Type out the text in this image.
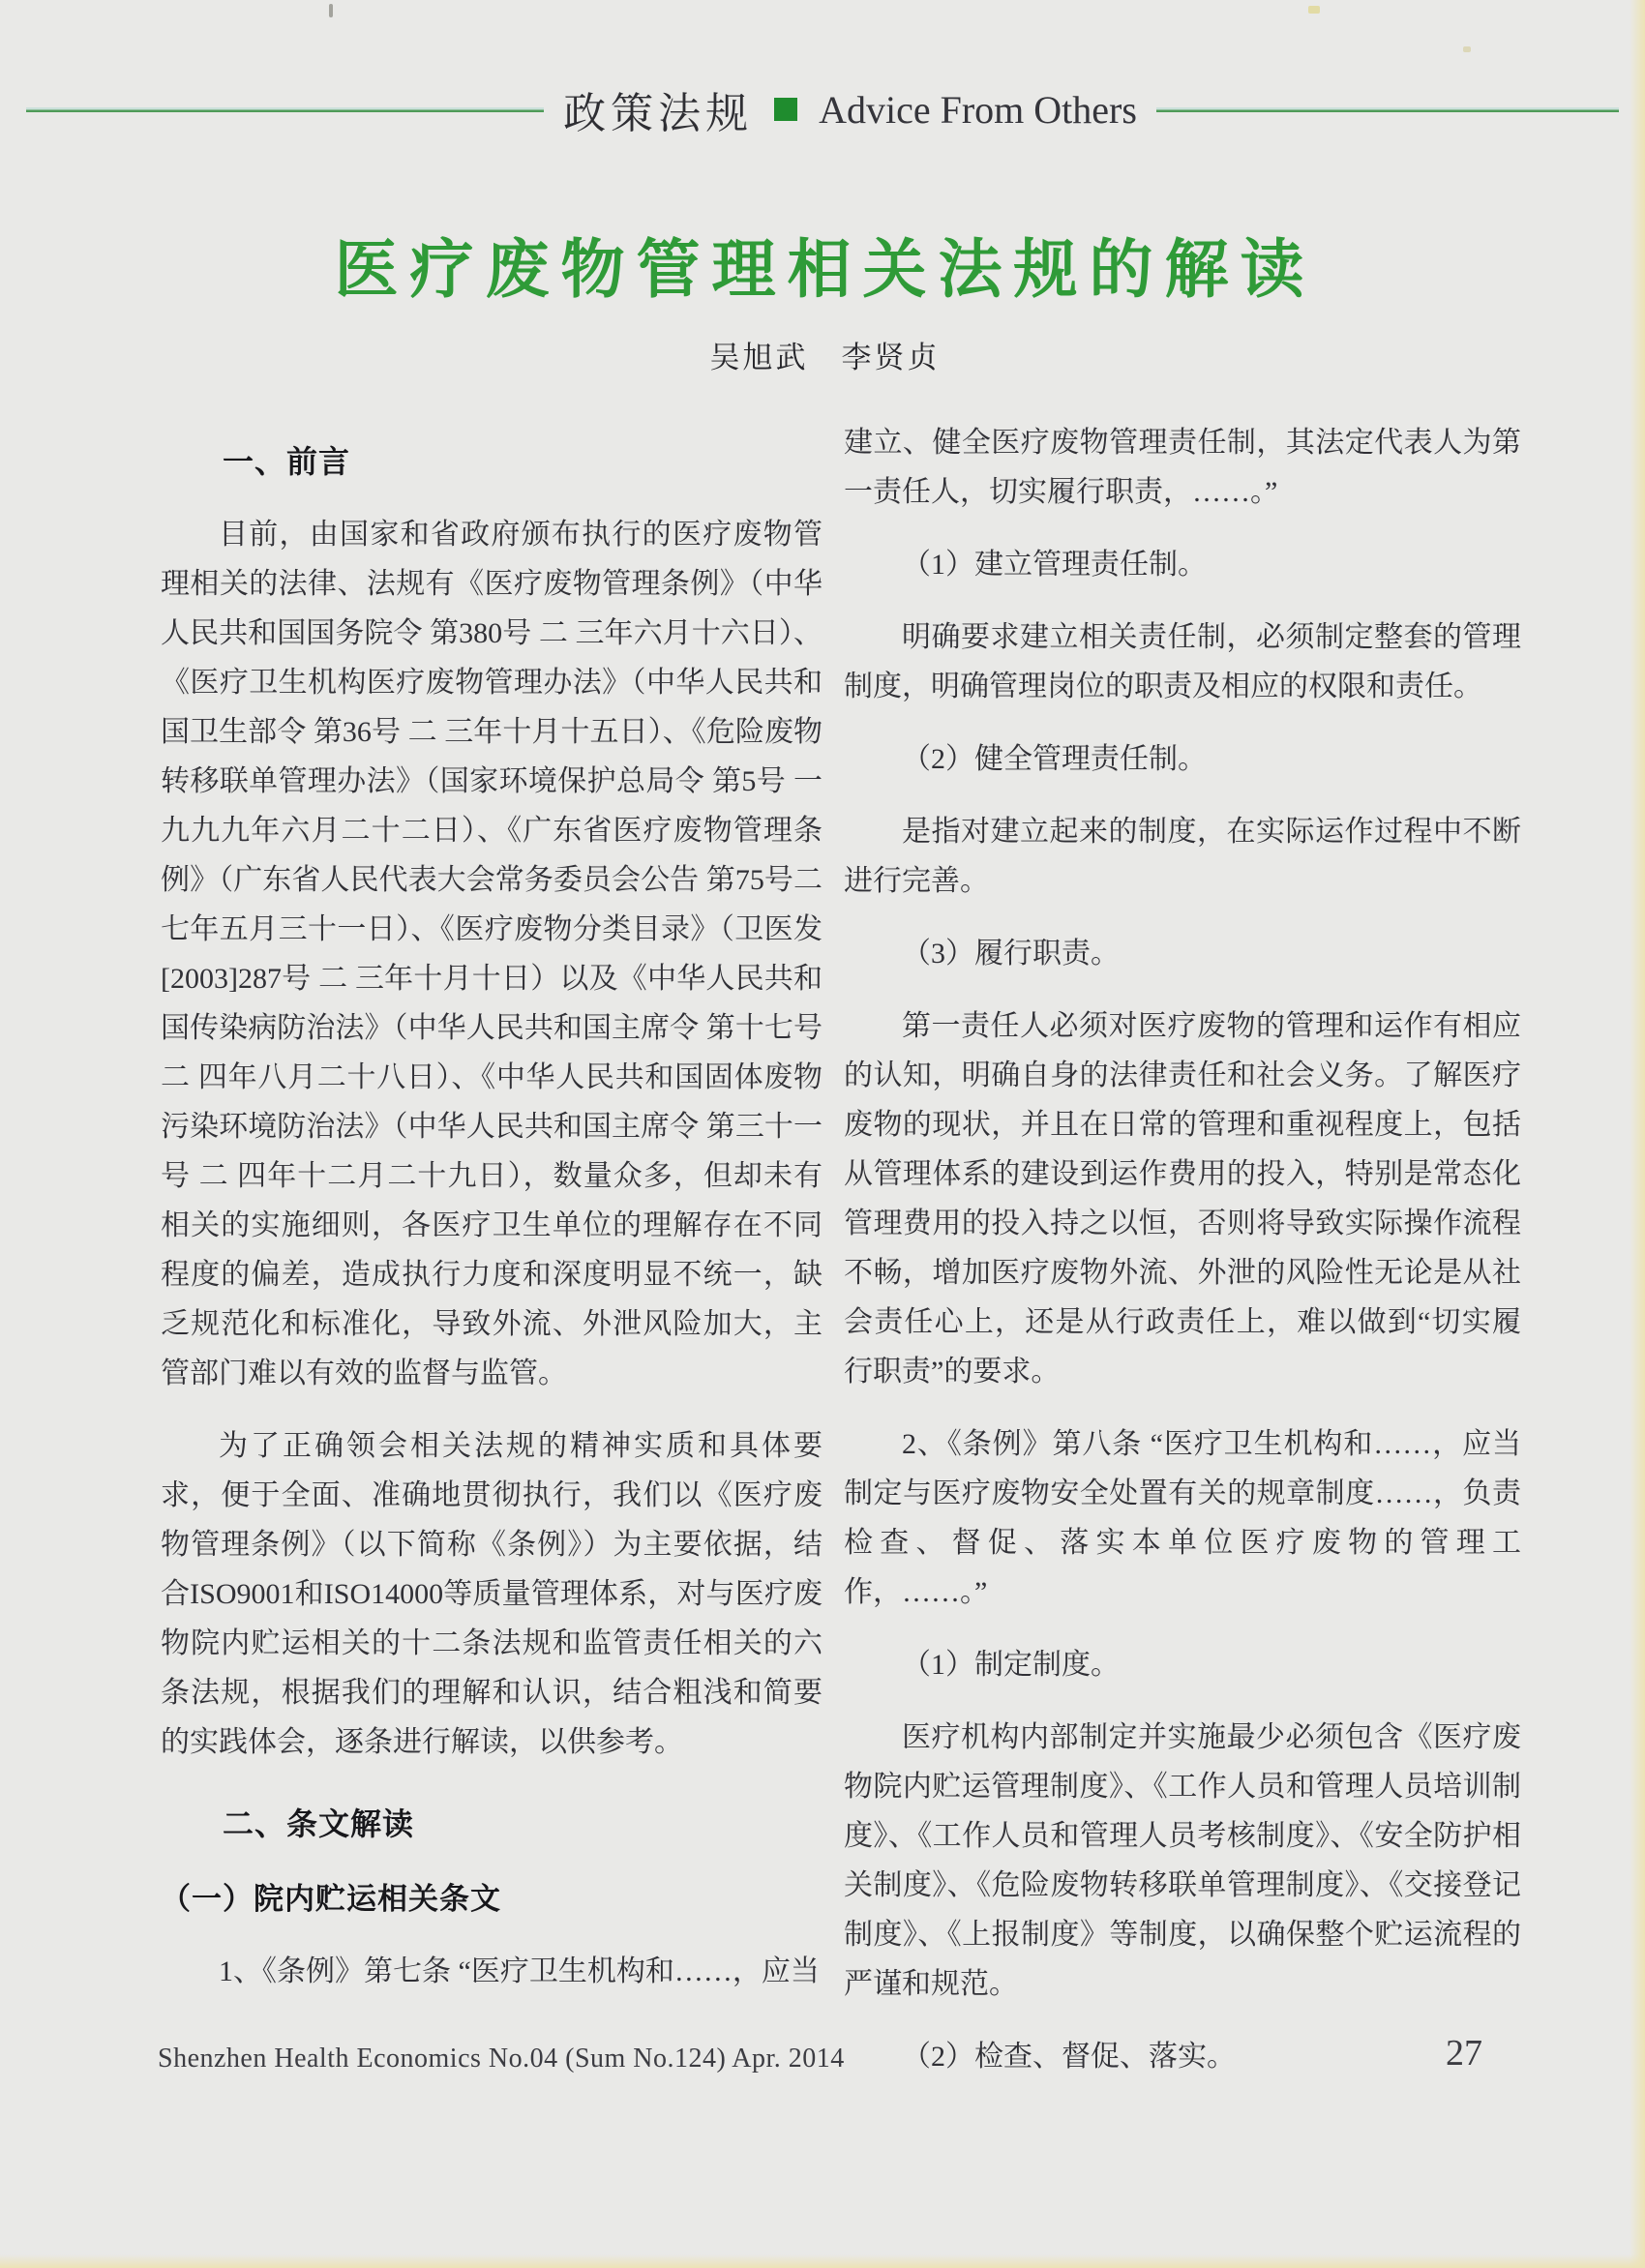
政策法规 Advice From Others
医疗废物管理相关法规的解读
吴旭武　李贤贞
一、前言
目前，由国家和省政府颁布执行的医疗废物管理相关的法律、法规有《医疗废物管理条例》（中华人民共和国国务院令 第380号 二 三年六月十六日）、《医疗卫生机构医疗废物管理办法》（中华人民共和国卫生部令 第36号 二 三年十月十五日）、《危险废物转移联单管理办法》（国家环境保护总局令 第5号 一九九九年六月二十二日）、《广东省医疗废物管理条例》（广东省人民代表大会常务委员会公告 第75号二 七年五月三十一日）、《医疗废物分类目录》（卫医发[2003]287号 二 三年十月十日）以及《中华人民共和国传染病防治法》（中华人民共和国主席令 第十七号 二 四年八月二十八日）、《中华人民共和国固体废物污染环境防治法》（中华人民共和国主席令 第三十一号 二 四年十二月二十九日），数量众多，但却未有相关的实施细则，各医疗卫生单位的理解存在不同程度的偏差，造成执行力度和深度明显不统一，缺乏规范化和标准化，导致外流、外泄风险加大，主管部门难以有效的监督与监管。
为了正确领会相关法规的精神实质和具体要求，便于全面、准确地贯彻执行，我们以《医疗废物管理条例》（以下简称《条例》）为主要依据，结合ISO9001和ISO14000等质量管理体系，对与医疗废物院内贮运相关的十二条法规和监管责任相关的六条法规，根据我们的理解和认识，结合粗浅和简要的实践体会，逐条进行解读，以供参考。
二、条文解读
（一）院内贮运相关条文
1、《条例》第七条 “医疗卫生机构和……，应当
建立、健全医疗废物管理责任制，其法定代表人为第一责任人，切实履行职责，……。”
（1）建立管理责任制。
明确要求建立相关责任制，必须制定整套的管理制度，明确管理岗位的职责及相应的权限和责任。
（2）健全管理责任制。
是指对建立起来的制度，在实际运作过程中不断进行完善。
（3）履行职责。
第一责任人必须对医疗废物的管理和运作有相应的认知，明确自身的法律责任和社会义务。了解医疗废物的现状，并且在日常的管理和重视程度上，包括从管理体系的建设到运作费用的投入，特别是常态化管理费用的投入持之以恒，否则将导致实际操作流程不畅，增加医疗废物外流、外泄的风险性无论是从社会责任心上，还是从行政责任上，难以做到“切实履行职责”的要求。
2、《条例》第八条 “医疗卫生机构和……，应当制定与医疗废物安全处置有关的规章制度……，负责检查、督促、落实本单位医疗废物的管理工作，……。”
（1）制定制度。
医疗机构内部制定并实施最少必须包含《医疗废物院内贮运管理制度》、《工作人员和管理人员培训制度》、《工作人员和管理人员考核制度》、《安全防护相关制度》、《危险废物转移联单管理制度》、《交接登记制度》、《上报制度》等制度，以确保整个贮运流程的严谨和规范。
（2）检查、督促、落实。
Shenzhen Health Economics No.04 (Sum No.124) Apr. 2014	27
